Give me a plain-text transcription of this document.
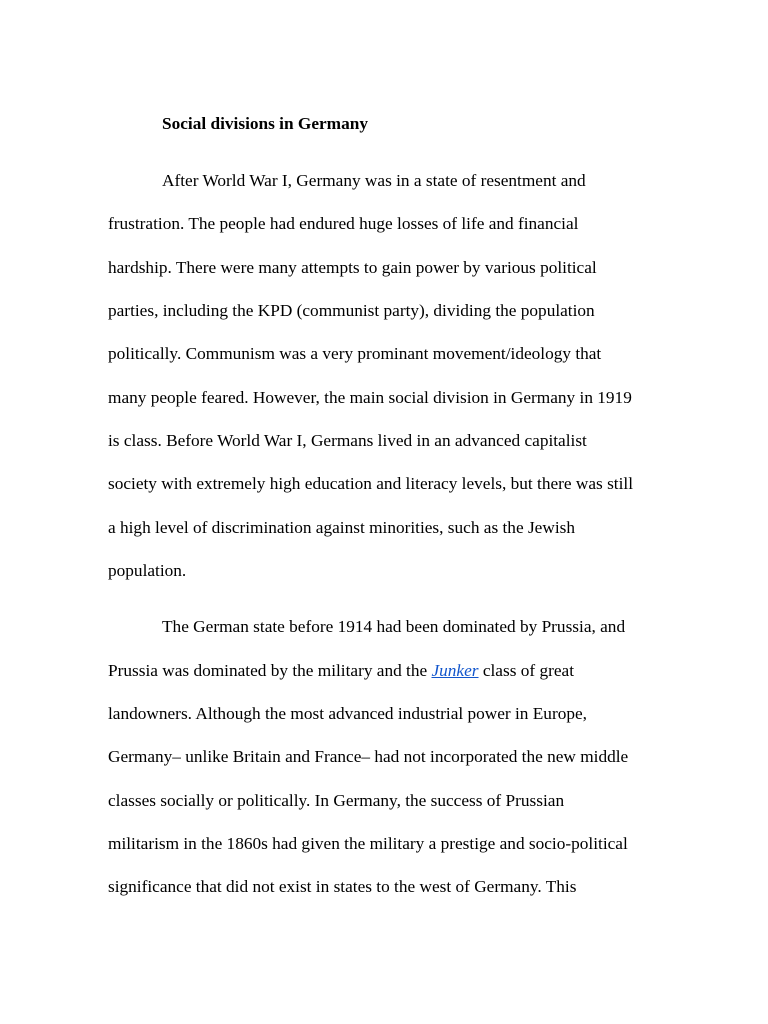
Social divisions in Germany
After World War I, Germany was in a state of resentment and
frustration. The people had endured huge losses of life and financial
hardship. There were many attempts to gain power by various political
parties, including the KPD (communist party), dividing the population
politically. Communism was a very prominant movement/ideology that
many people feared. However, the main social division in Germany in 1919
is class. Before World War I, Germans lived in an advanced capitalist
society with extremely high education and literacy levels, but there was still
a high level of discrimination against minorities, such as the Jewish
population.
The German state before 1914 had been dominated by Prussia, and
Prussia was dominated by the military and the Junker class of great
landowners. Although the most advanced industrial power in Europe,
Germany– unlike Britain and France– had not incorporated the new middle
classes socially or politically. In Germany, the success of Prussian
militarism in the 1860s had given the military a prestige and socio-political
significance that did not exist in states to the west of Germany. This
